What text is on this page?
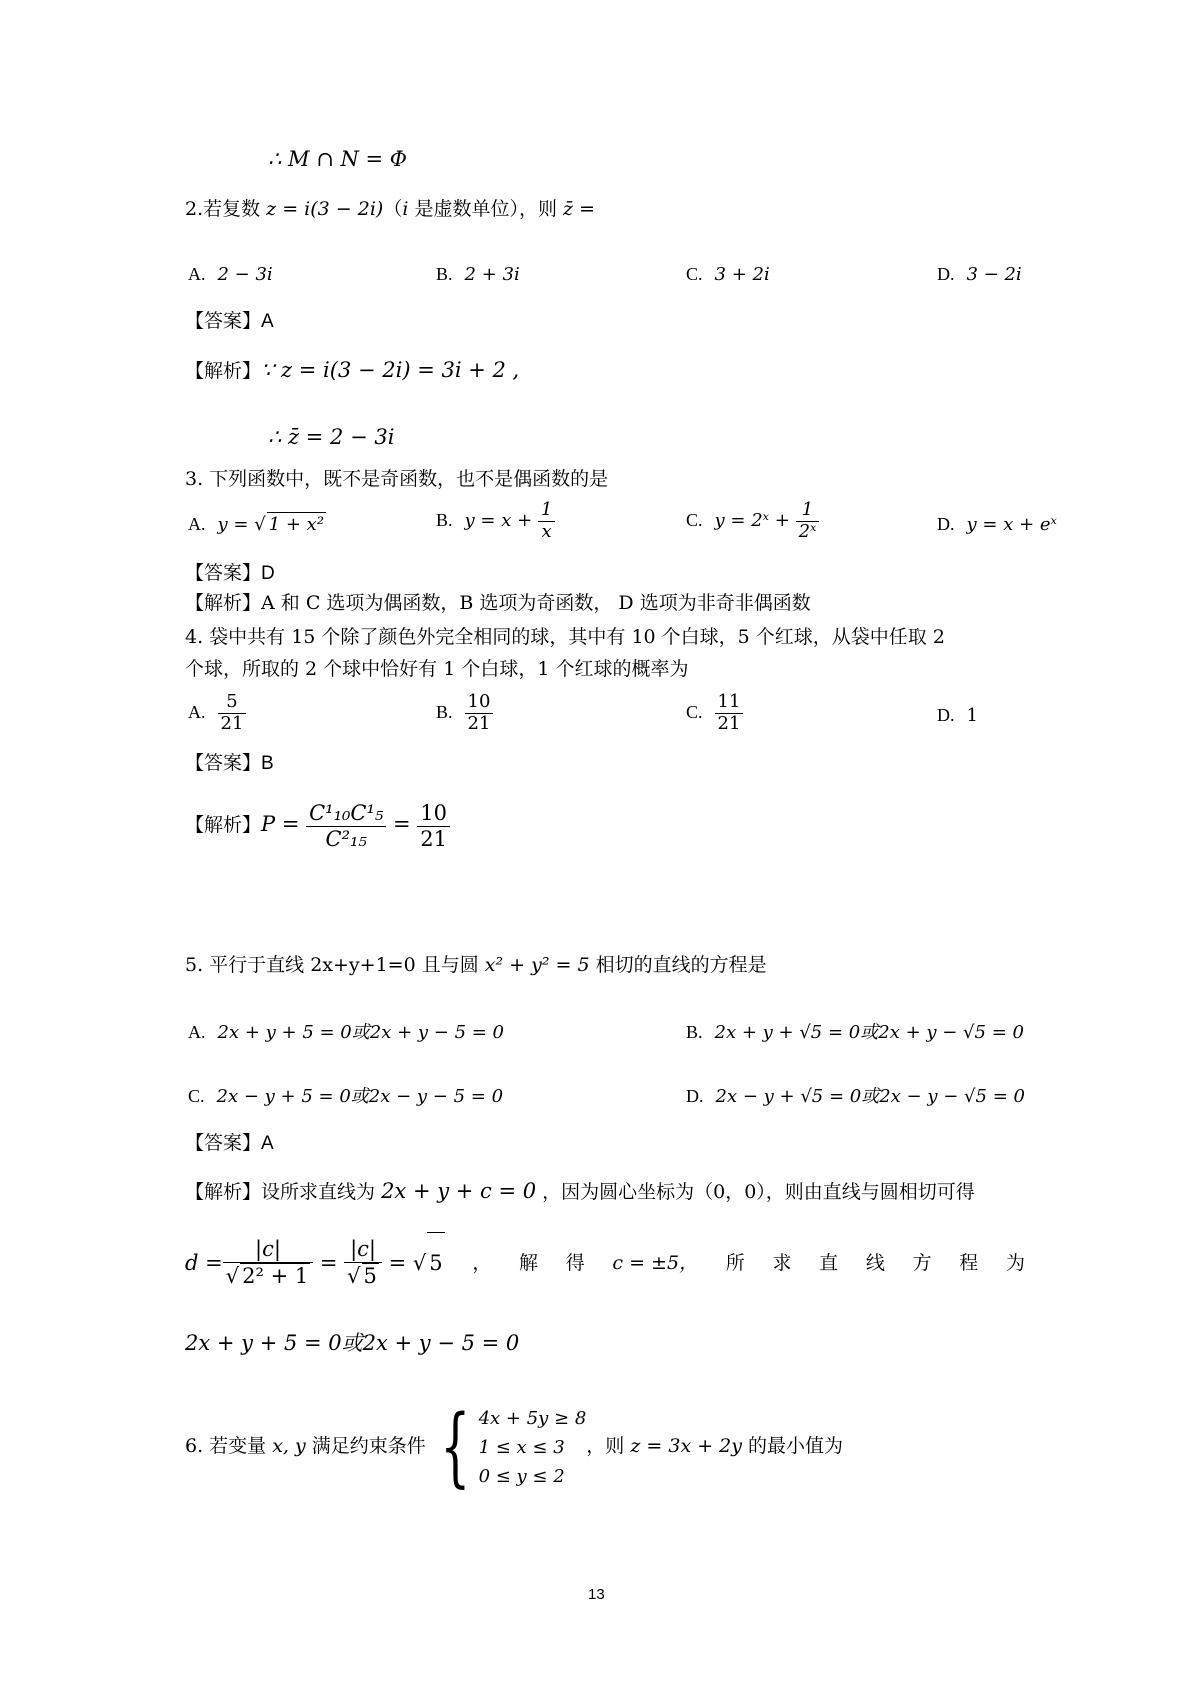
∴ M ∩ N = Φ
2.若复数 z = i(3 − 2i)（i 是虚数单位），则 z̄ =
A. 2 − 3i	B. 2 + 3i	C. 3 + 2i	D. 3 − 2i
【答案】A
【解析】∵ z = i(3 − 2i) = 3i + 2 ,
∴ z̄ = 2 − 3i
3. 下列函数中，既不是奇函数，也不是偶函数的是
A. y = √ 1 + x²	B. $y = x + \frac{1}{x}$	C. y = 2ˣ + $\frac{1}{\text{2ˣ}}$	D. y = x + eˣ
【答案】D
【解析】A 和 C 选项为偶函数，B 选项为奇函数， D 选项为非奇非偶函数
4. 袋中共有 15 个除了颜色外完全相同的球，其中有 10 个白球，5 个红球，从袋中任取 2
个球，所取的 2 个球中恰好有 1 个白球，1 个红球的概率为
A. $\frac{5}{21}$	B. $\frac{10}{21}$	C. $\frac{11}{21}$	D. 1
【答案】B
【解析】$P = \frac{\text{C¹₁₀C¹₅}}{\text{C²₁₅}} = \frac{10}{21}$
5. 平行于直线 2x+y+1=0 且与圆 x² + y² = 5 相切的直线的方程是
A. 2x + y + 5 = 0或2x + y − 5 = 0	B. 2x + y + √5 = 0或2x + y − √5 = 0
C. 2x − y + 5 = 0或2x − y − 5 = 0	D. 2x − y + √5 = 0或2x − y − √5 = 0
【答案】A
【解析】设所求直线为 2x + y + c = 0 ，因为圆心坐标为（0，0），则由直线与圆相切可得
$d = \frac{|c|}{\text{√ 2² + 1}} = \frac{|c|}{√ 5}$ = √ 5 ， 解 得 c = ±5， 所 求 直 线 方 程 为
2x + y + 5 = 0或2x + y − 5 = 0
6. 若变量 x, y 满足约束条件 { 4x + 5y ≥ 8
1 ≤ x ≤ 3
0 ≤ y ≤ 2
，则 z = 3x + 2y 的最小值为
13
